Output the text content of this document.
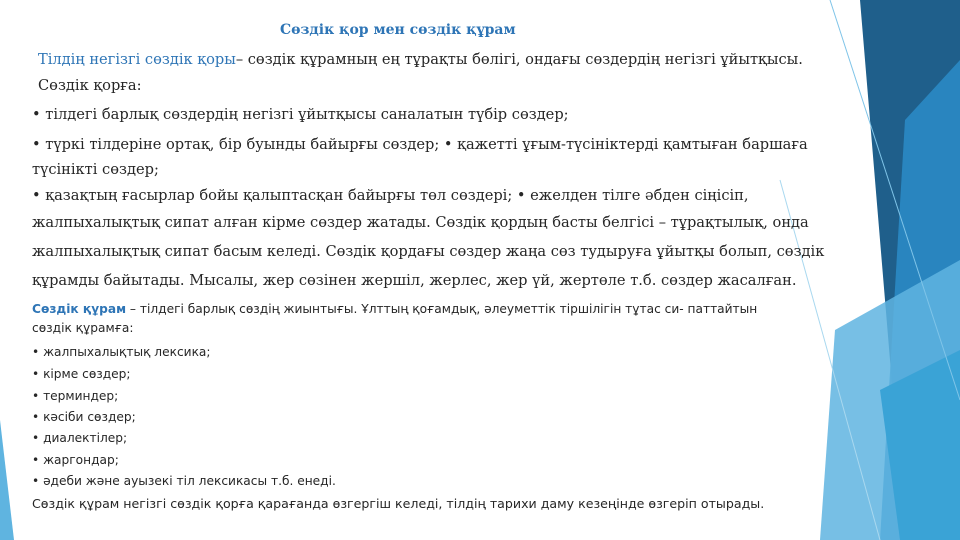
Сөздік қор мен сөздік құрам
Тілдің негізгі сөздік қоры– сөздік құрамның ең тұрақты бөлігі, ондағы сөздердің негізгі ұйытқысы.
Сөздік қорға:
• тілдегі барлық сөздердің негізгі ұйытқысы саналатын түбір сөздер;
• түркі тілдеріне ортақ, бір буынды байырғы сөздер; • қажетті ұғым-түсініктерді қамтыған баршаға
түсінікті сөздер;
• қазақтың ғасырлар бойы қалыптасқан байырғы төл сөздері; • ежелден тілге әбден сіңісіп,
жалпыхалықтық сипат алған кірме сөздер жатады. Сөздік қордың басты белгісі – тұрақтылық, онда
жалпыхалықтық сипат басым келеді. Сөздік қордағы сөздер жаңа сөз тудыруға ұйытқы болып, сөздік
құрамды байытады. Мысалы, жер сөзінен жершіл, жерлес, жер үй, жертөле т.б. сөздер жасалған.
Сөздік құрам – тілдегі барлық сөздің жиынтығы. Ұлттың қоғамдық, әлеуметтік тіршілігін тұтас си- паттайтын
сөздік құрамға:
• жалпыхалықтық лексика;
• кірме сөздер;
• терминдер;
• кәсіби сөздер;
• диалектілер;
• жаргондар;
• әдеби және ауызекі тіл лексикасы т.б. енеді.
Сөздік құрам негізгі сөздік қорға қарағанда өзгергіш келеді, тілдің тарихи даму кезеңінде өзгеріп отырады.
